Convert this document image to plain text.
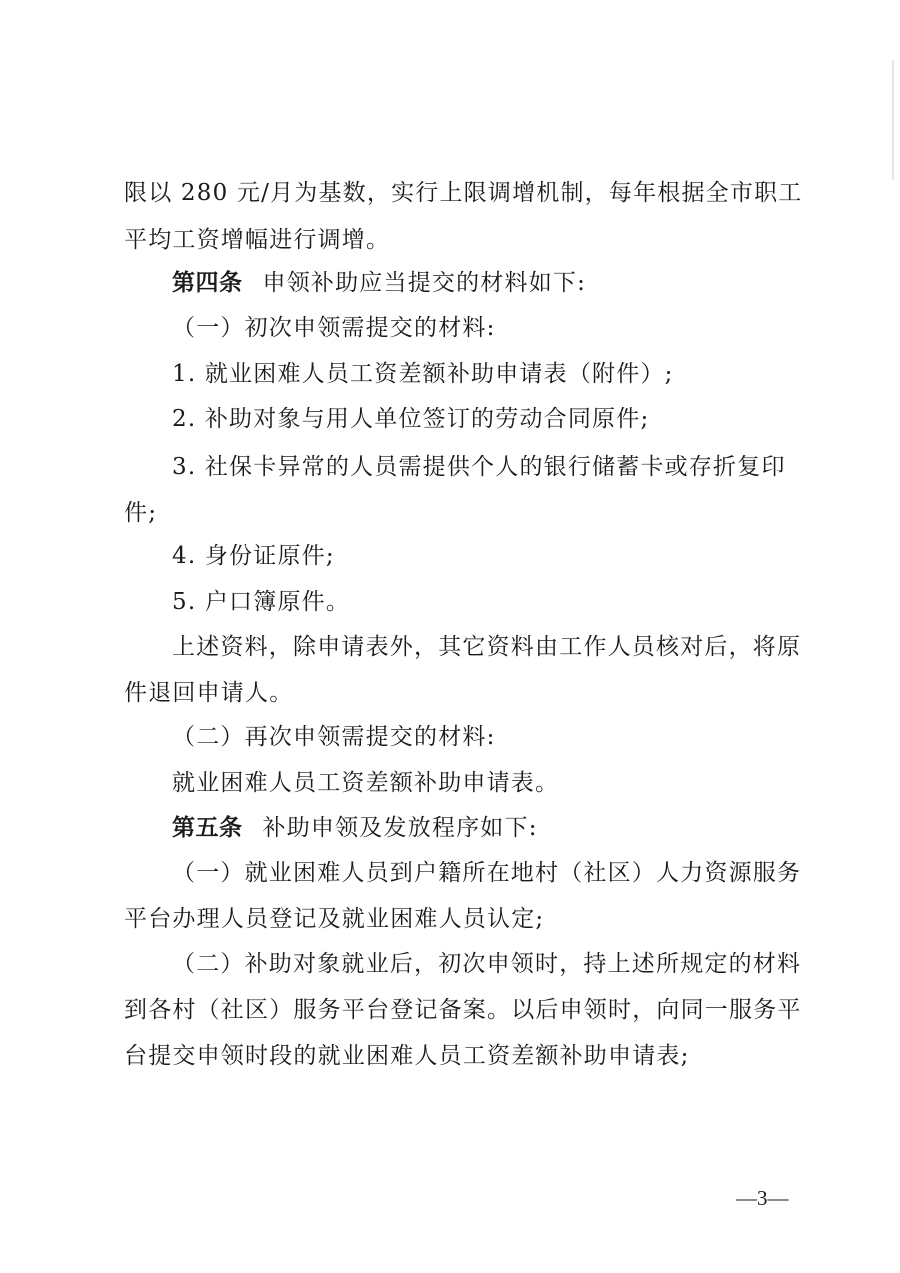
限以 280 元/月为基数，实行上限调增机制，每年根据全市职工
平均工资增幅进行调增。
第四条 申领补助应当提交的材料如下:
（一）初次申领需提交的材料:
1. 就业困难人员工资差额补助申请表（附件）;
2. 补助对象与用人单位签订的劳动合同原件;
3. 社保卡异常的人员需提供个人的银行储蓄卡或存折复印
件;
4. 身份证原件;
5. 户口簿原件。
上述资料，除申请表外，其它资料由工作人员核对后，将原
件退回申请人。
（二）再次申领需提交的材料:
就业困难人员工资差额补助申请表。
第五条 补助申领及发放程序如下:
（一）就业困难人员到户籍所在地村（社区）人力资源服务
平台办理人员登记及就业困难人员认定;
（二）补助对象就业后，初次申领时，持上述所规定的材料
到各村（社区）服务平台登记备案。以后申领时，向同一服务平
台提交申领时段的就业困难人员工资差额补助申请表;
—3—
